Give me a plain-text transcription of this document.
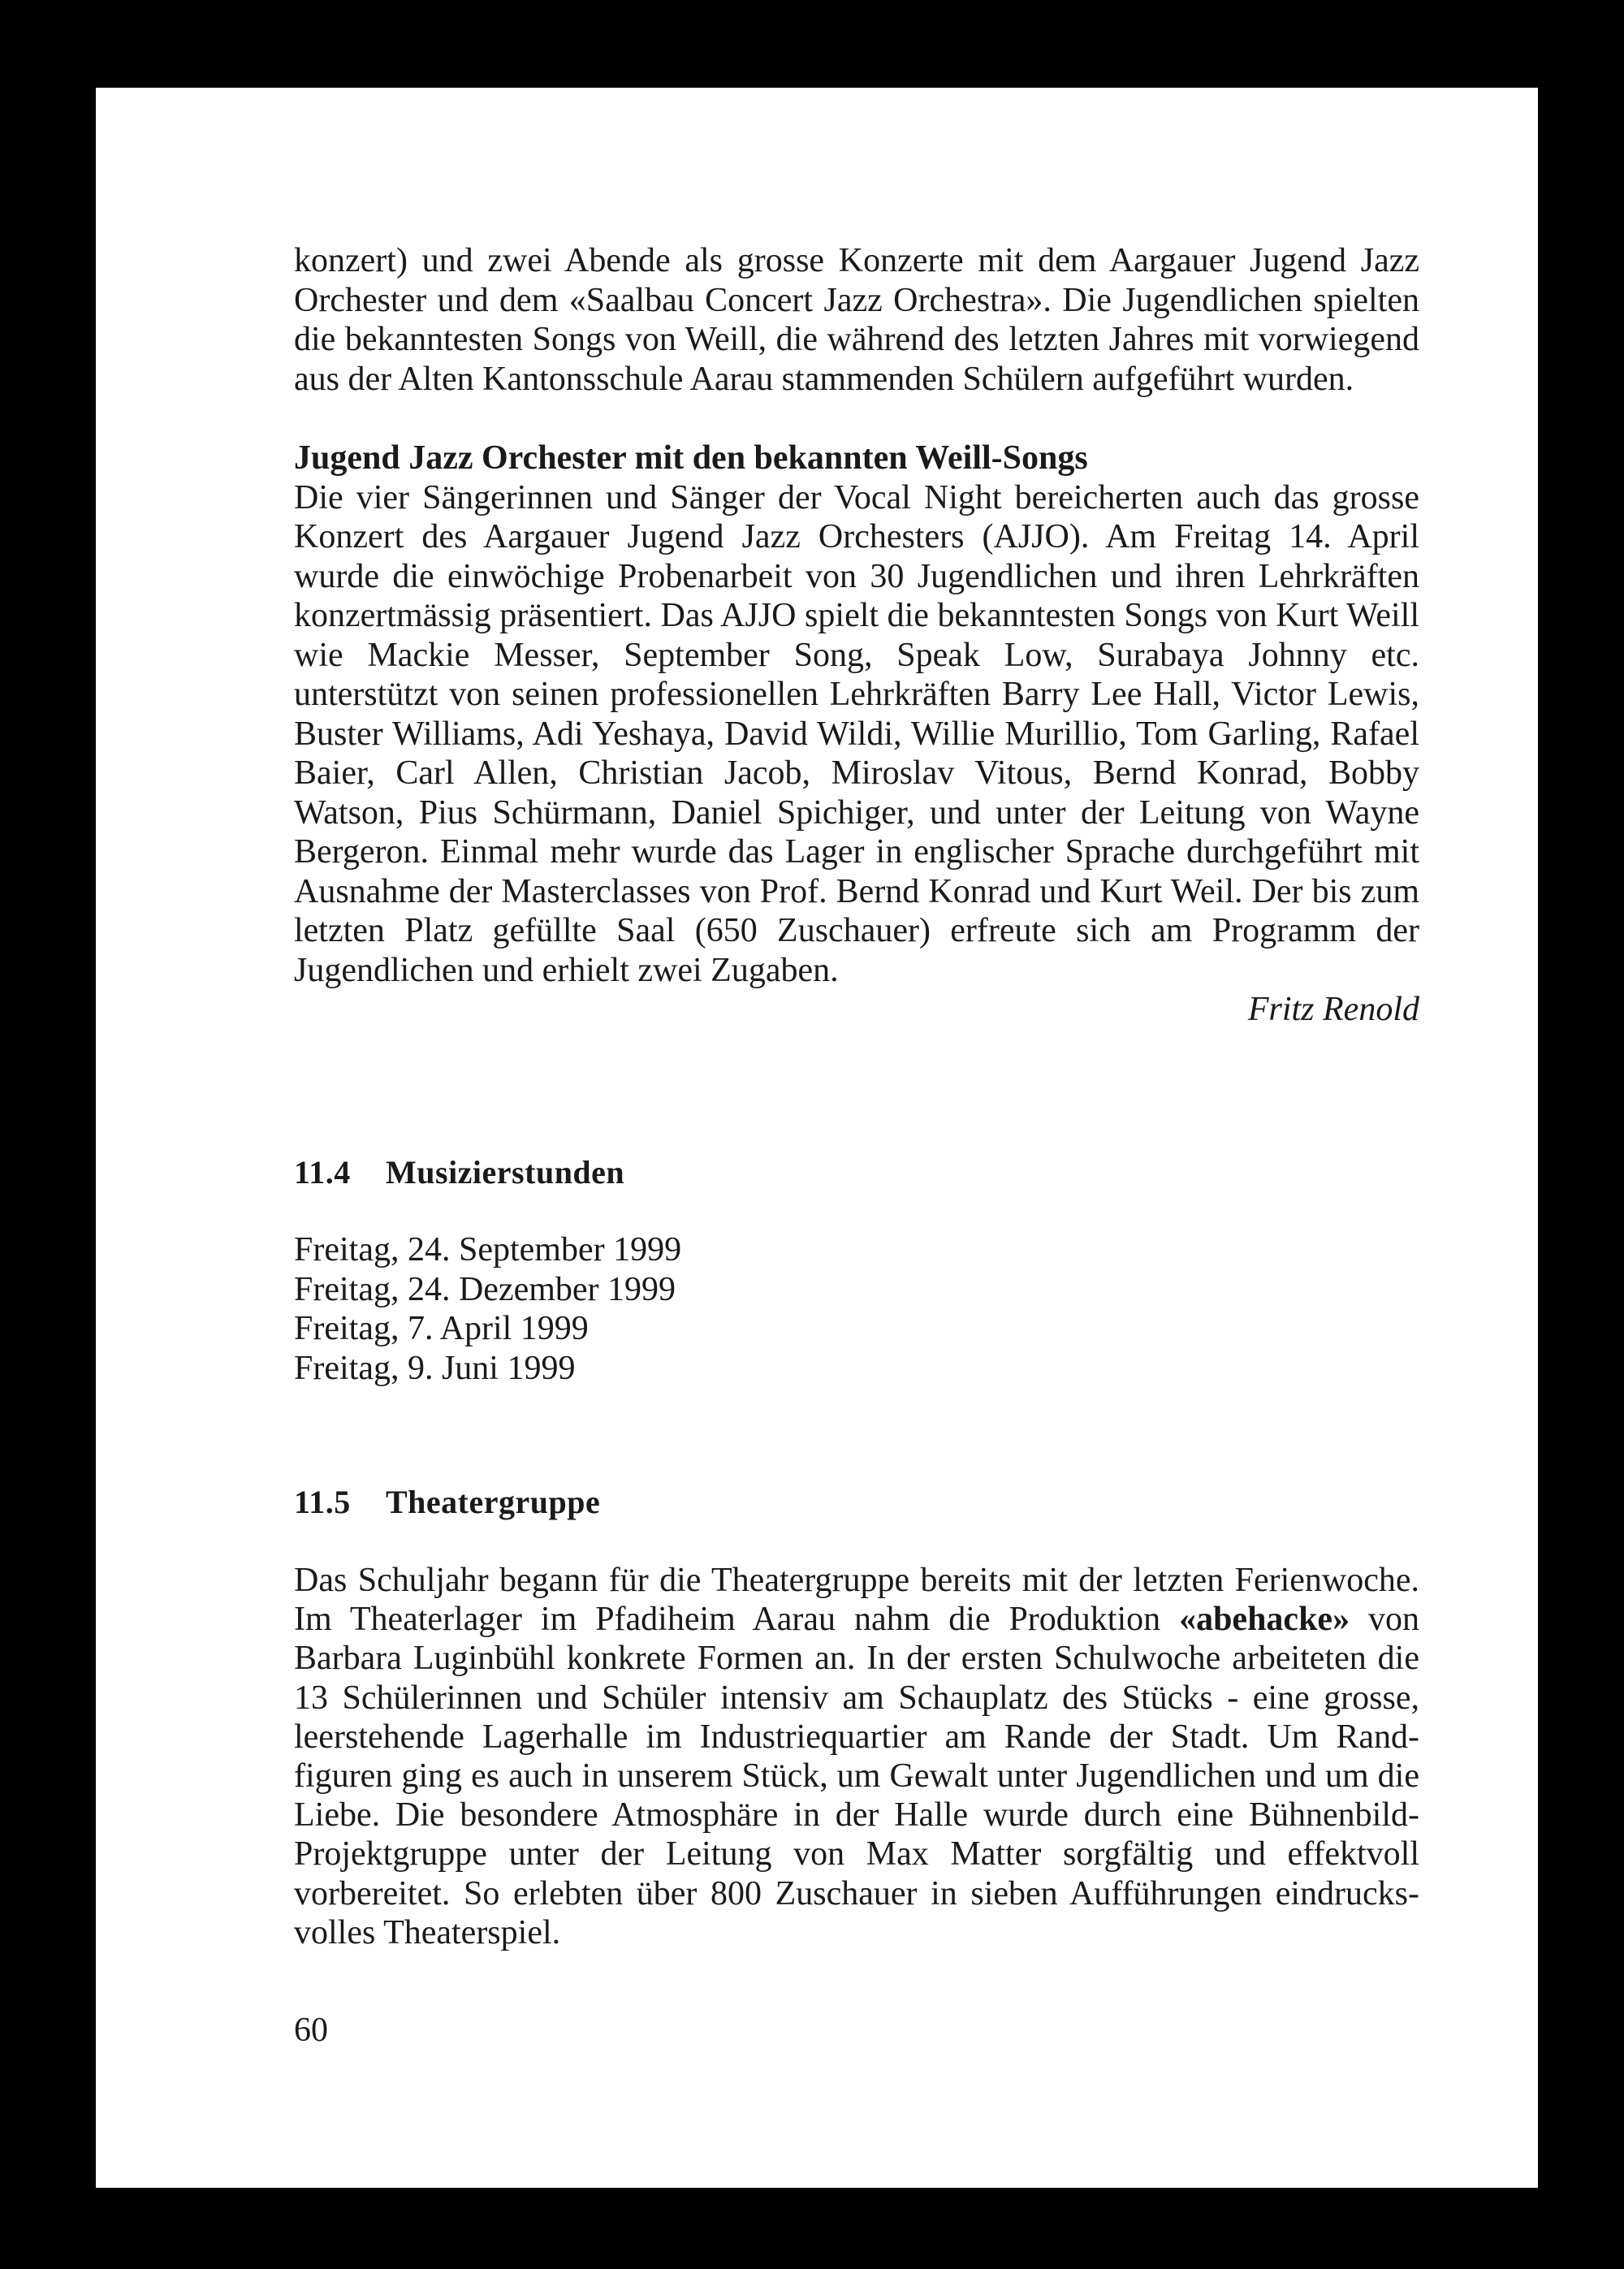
konzert) und zwei Abende als grosse Konzerte mit dem Aargauer Jugend Jazz Orchester und dem «Saalbau Concert Jazz Orchestra». Die Jugendlichen spielten die bekanntesten Songs von Weill, die während des letzten Jahres mit vorwiegend aus der Alten Kantonsschule Aarau stammenden Schülern aufgeführt wurden.

Jugend Jazz Orchester mit den bekannten Weill-Songs

Die vier Sängerinnen und Sänger der Vocal Night bereicherten auch das grosse Konzert des Aargauer Jugend Jazz Orchesters (AJJO). Am Freitag 14. April wurde die einwöchige Probenarbeit von 30 Jugendlichen und ihren Lehrkräften konzertmässig präsentiert. Das AJJO spielt die bekanntesten Songs von Kurt Weill wie Mackie Messer, September Song, Speak Low, Surabaya Johnny etc. unterstützt von seinen professionellen Lehrkräften Barry Lee Hall, Victor Lewis, Buster Williams, Adi Yeshaya, David Wildi, Willie Murillio, Tom Garling, Rafael Baier, Carl Allen, Christian Jacob, Miroslav Vitous, Bernd Konrad, Bobby Watson, Pius Schürmann, Daniel Spichiger, und unter der Leitung von Wayne Bergeron. Einmal mehr wurde das Lager in englischer Sprache durchgeführt mit Ausnahme der Masterclasses von Prof. Bernd Konrad und Kurt Weil. Der bis zum letzten Platz gefüllte Saal (650 Zuschauer) erfreute sich am Programm der Jugendlichen und erhielt zwei Zugaben.

Fritz Renold

11.4 Musizierstunden
Freitag, 24. September 1999
Freitag, 24. Dezember 1999
Freitag, 7. April 1999
Freitag, 9. Juni 1999
11.5 Theatergruppe

Das Schuljahr begann für die Theatergruppe bereits mit der letzten Ferienwoche. Im Theaterlager im Pfadiheim Aarau nahm die Produktion «abehacke» von Barbara Luginbühl konkrete Formen an. In der ersten Schulwoche arbeiteten die 13 Schülerinnen und Schüler intensiv am Schauplatz des Stücks - eine grosse, leerstehende Lagerhalle im Industriequartier am Rande der Stadt. Um Randfiguren ging es auch in unserem Stück, um Gewalt unter Jugendlichen und um die Liebe. Die besondere Atmosphäre in der Halle wurde durch eine Bühnenbild-Projektgruppe unter der Leitung von Max Matter sorgfältig und effektvoll vorbereitet. So erlebten über 800 Zuschauer in sieben Aufführungen eindrucksvolles Theaterspiel.

60
